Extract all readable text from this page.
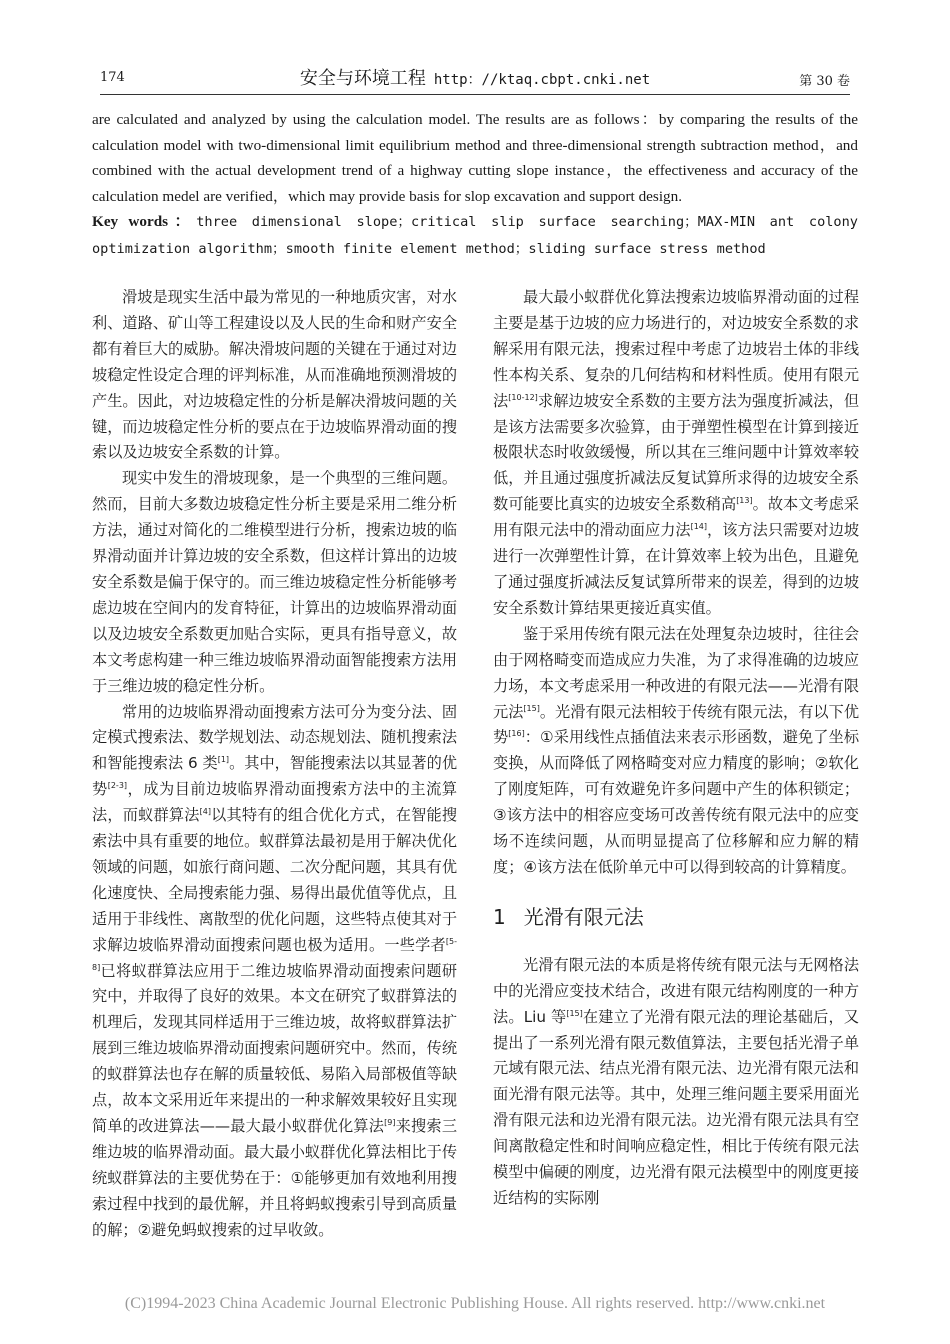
174	安全与环境工程 http：//ktaq.cbpt.cnki.net	第 30 卷

are calculated and analyzed by using the calculation model. The results are as follows：by comparing the results of the calculation model with two-dimensional limit equilibrium method and three-dimensional strength subtraction method，and combined with the actual development trend of a highway cutting slope instance，the effectiveness and accuracy of the calculation medel are verified，which may provide basis for slop excavation and support design.

Key words：three dimensional slope；critical slip surface searching；MAX-MIN ant colony optimization algorithm；smooth finite element method；sliding surface stress method

滑坡是现实生活中最为常见的一种地质灾害，对水利、道路、矿山等工程建设以及人民的生命和财产安全都有着巨大的威胁。解决滑坡问题的关键在于通过对边坡稳定性设定合理的评判标准，从而准确地预测滑坡的产生。因此，对边坡稳定性的分析是解决滑坡问题的关键，而边坡稳定性分析的要点在于边坡临界滑动面的搜索以及边坡安全系数的计算。

现实中发生的滑坡现象，是一个典型的三维问题。然而，目前大多数边坡稳定性分析主要是采用二维分析方法，通过对简化的二维模型进行分析，搜索边坡的临界滑动面并计算边坡的安全系数，但这样计算出的边坡安全系数是偏于保守的。而三维边坡稳定性分析能够考虑边坡在空间内的发育特征，计算出的边坡临界滑动面以及边坡安全系数更加贴合实际，更具有指导意义，故本文考虑构建一种三维边坡临界滑动面智能搜索方法用于三维边坡的稳定性分析。

常用的边坡临界滑动面搜索方法可分为变分法、固定模式搜索法、数学规划法、动态规划法、随机搜索法和智能搜索法 6 类[1]。其中，智能搜索法以其显著的优势[2-3]，成为目前边坡临界滑动面搜索方法中的主流算法，而蚁群算法[4]以其特有的组合优化方式，在智能搜索法中具有重要的地位。蚁群算法最初是用于解决优化领域的问题，如旅行商问题、二次分配问题，其具有优化速度快、全局搜索能力强、易得出最优值等优点，且适用于非线性、离散型的优化问题，这些特点使其对于求解边坡临界滑动面搜索问题也极为适用。一些学者[5-8]已将蚁群算法应用于二维边坡临界滑动面搜索问题研究中，并取得了良好的效果。本文在研究了蚁群算法的机理后，发现其同样适用于三维边坡，故将蚁群算法扩展到三维边坡临界滑动面搜索问题研究中。然而，传统的蚁群算法也存在解的质量较低、易陷入局部极值等缺点，故本文采用近年来提出的一种求解效果较好且实现简单的改进算法——最大最小蚁群优化算法[9]来搜索三维边坡的临界滑动面。最大最小蚁群优化算法相比于传统蚁群算法的主要优势在于：①能够更加有效地利用搜索过程中找到的最优解，并且将蚂蚁搜索引导到高质量的解；②避免蚂蚁搜索的过早收敛。

最大最小蚁群优化算法搜索边坡临界滑动面的过程主要是基于边坡的应力场进行的，对边坡安全系数的求解采用有限元法，搜索过程中考虑了边坡岩土体的非线性本构关系、复杂的几何结构和材料性质。使用有限元法[10-12]求解边坡安全系数的主要方法为强度折减法，但是该方法需要多次验算，由于弹塑性模型在计算到接近极限状态时收敛缓慢，所以其在三维问题中计算效率较低，并且通过强度折减法反复试算所求得的边坡安全系数可能要比真实的边坡安全系数稍高[13]。故本文考虑采用有限元法中的滑动面应力法[14]，该方法只需要对边坡进行一次弹塑性计算，在计算效率上较为出色，且避免了通过强度折减法反复试算所带来的误差，得到的边坡安全系数计算结果更接近真实值。

鉴于采用传统有限元法在处理复杂边坡时，往往会由于网格畸变而造成应力失准，为了求得准确的边坡应力场，本文考虑采用一种改进的有限元法——光滑有限元法[15]。光滑有限元法相较于传统有限元法，有以下优势[16]：①采用线性点插值法来表示形函数，避免了坐标变换，从而降低了网格畸变对应力精度的影响；②软化了刚度矩阵，可有效避免许多问题中产生的体积锁定；③该方法中的相容应变场可改善传统有限元法中的应变场不连续问题，从而明显提高了位移解和应力解的精度；④该方法在低阶单元中可以得到较高的计算精度。

1 光滑有限元法

光滑有限元法的本质是将传统有限元法与无网格法中的光滑应变技术结合，改进有限元结构刚度的一种方法。Liu 等[15]在建立了光滑有限元法的理论基础后，又提出了一系列光滑有限元数值算法，主要包括光滑子单元域有限元法、结点光滑有限元法、边光滑有限元法和面光滑有限元法等。其中，处理三维问题主要采用面光滑有限元法和边光滑有限元法。边光滑有限元法具有空间离散稳定性和时间响应稳定性，相比于传统有限元法模型中偏硬的刚度，边光滑有限元法模型中的刚度更接近结构的实际刚

(C)1994-2023 China Academic Journal Electronic Publishing House. All rights reserved. http://www.cnki.net
